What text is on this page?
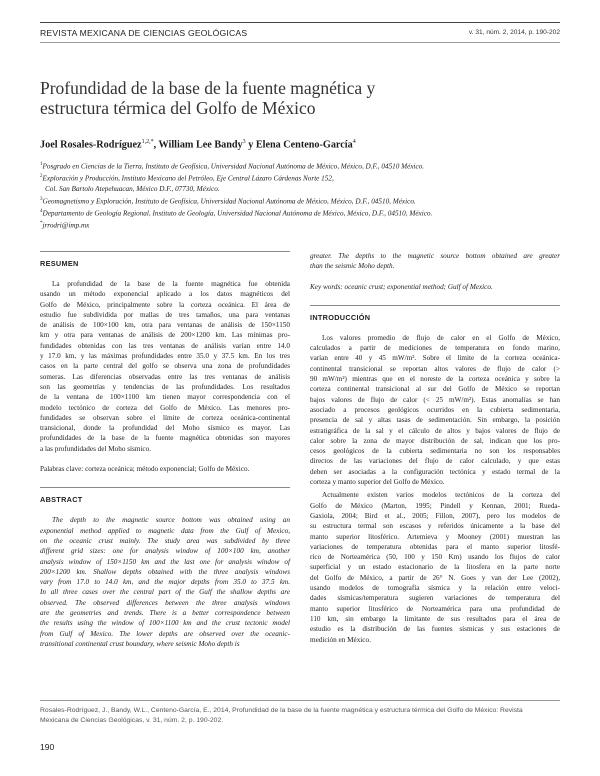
REVISTA MEXICANA DE CIENCIAS GEOLÓGICAS	v. 31, núm. 2, 2014, p. 190-202
Profundidad de la base de la fuente magnética y
estructura térmica del Golfo de México
Joel Rosales-Rodríguez$^{1,2,*}$, William Lee Bandy$^3$ y Elena Centeno-García$^4$
$^1$Posgrado en Ciencias de la Tierra, Instituto de Geofísica, Universidad Nacional Autónoma de México, México, D.F., 04510 México.
$^2$Exploración y Producción, Instituto Mexicano del Petróleo, Eje Central Lázaro Cárdenas Norte 152,
Col. San Bartolo Atepehuacan, México D.F., 07730, México.
$^3$Geomagnetismo y Exploración, Instituto de Geofísica, Universidad Nacional Autónoma de México, México, D.F., 04510, México.
$^4$Departamento de Geología Regional, Instituto de Geología, Universidad Nacional Autónoma de México, México, D.F., 04510, México.
*jrrodri@imp.mx
RESUMEN
La profundidad de la base de la fuente magnética fue obtenida
usando un método exponencial aplicado a los datos magnéticos del
Golfo de México, principalmente sobre la corteza oceánica. El área de
estudio fue subdividida por mallas de tres tamaños, una para ventanas
de análisis de 100×100 km, otra para ventanas de análisis de 150×1150
km y otra para ventanas de análisis de 200×1200 km. Las mínimas pro-
fundidades obtenidas con las tres ventanas de análisis varían entre 14.0
y 17.0 km, y las máximas profundidades entre 35.0 y 37.5 km. En los tres
casos en la parte central del golfo se observa una zona de profundidades
someras. Las diferencias observadas entre las tres ventanas de análisis
son las geometrías y tendencias de las profundidades. Los resultados
de la ventana de 100×1100 km tienen mayor correspondencia con el
modelo tectónico de corteza del Golfo de México. Las menores pro-
fundidades se observan sobre el límite de corteza oceánica-continental
transicional, donde la profundidad del Moho sísmico es mayor. Las
profundidades de la base de la fuente magnética obtenidas son mayores
a las profundidades del Moho sísmico.
Palabras clave: corteza oceánica; método exponencial; Golfo de México.
ABSTRACT
The depth to the magnetic source bottom was obtained using an
exponential method applied to magnetic data from the Gulf of Mexico,
on the oceanic crust mainly. The study area was subdivided by three
different grid sizes: one for analysis window of 100×100 km, another
analysis window of 150×1150 km and the last one for analysis window of
200×1200 km. Shallow depths obtained with the three analysis windows
vary from 17.0 to 14.0 km, and the major depths from 35.0 to 37.5 km.
In all three cases over the central part of the Gulf the shallow depths are
observed. The observed differences between the three analysis windows
are the geometries and trends. There is a better correspondence between
the results using the window of 100×1100 km and the crust tectonic model
from Gulf of Mexico. The lower depths are observed over the oceanic-
transitional continental crust boundary, where seismic Moho depth is
greater. The depths to the magnetic source bottom obtained are greater
than the seismic Moho depth.
Key words: oceanic crust; exponential method; Gulf of Mexico.
INTRODUCCIÓN
Los valores promedio de flujo de calor en el Golfo de México,
calculados a partir de mediciones de temperatura en fondo marino,
varían entre 40 y 45 mW/m². Sobre el límite de la corteza oceánica-
continental transicional se reportan altos valores de flujo de calor (>
90 mW/m²) mientras que en el noreste de la corteza oceánica y sobre la
corteza continental transicional al sur del Golfo de México se reportan
bajos valores de flujo de calor (< 25 mW/m²). Estas anomalías se han
asociado a procesos geológicos ocurridos en la cubierta sedimentaria,
presencia de sal y altas tasas de sedimentación. Sin embargo, la posición
estratigráfica de la sal y el cálculo de altos y bajos valores de flujo de
calor sobre la zona de mayor distribución de sal, indican que los pro-
cesos geológicos de la cubierta sedimentaria no son los responsables
directos de las variaciones del flujo de calor calculado, y que estas
deben ser asociadas a la configuración tectónica y estado termal de la
corteza y manto superior del Golfo de México.
Actualmente existen varios modelos tectónicos de la corteza del
Golfo de México (Marton, 1995; Pindell y Kennan, 2001; Rueda-
Gaxiola, 2004; Bird et al., 2005; Fillon, 2007), pero los modelos de
su estructura termal son escasos y referidos únicamente a la base del
manto superior litosférico. Artemieva y Mooney (2001) muestran las
variaciones de temperatura obtenidas para el manto superior litosfé-
rico de Norteamérica (50, 100 y 150 Km) usando los flujos de calor
superficial y un estado estacionario de la litosfera en la parte norte
del Golfo de México, a partir de 26° N. Goes y van der Lee (2002),
usando modelos de tomografía sísmica y la relación entre veloci-
dades sísmicas/temperatura sugieren variaciones de temperatura del
manto superior litosférico de Norteamérica para una profundidad de
110 km, sin embargo la limitante de sus resultados para el área de
estudio es la distribución de las fuentes sísmicas y sus estaciones de
medición en México.
Rosales-Rodríguez, J., Bandy, W.L., Centeno-García, E., 2014, Profundidad de la base de la fuente magnética y estructura térmica del Golfo de México: Revista
Mexicana de Ciencias Geológicas, v. 31, núm. 2, p. 190-202.
190
